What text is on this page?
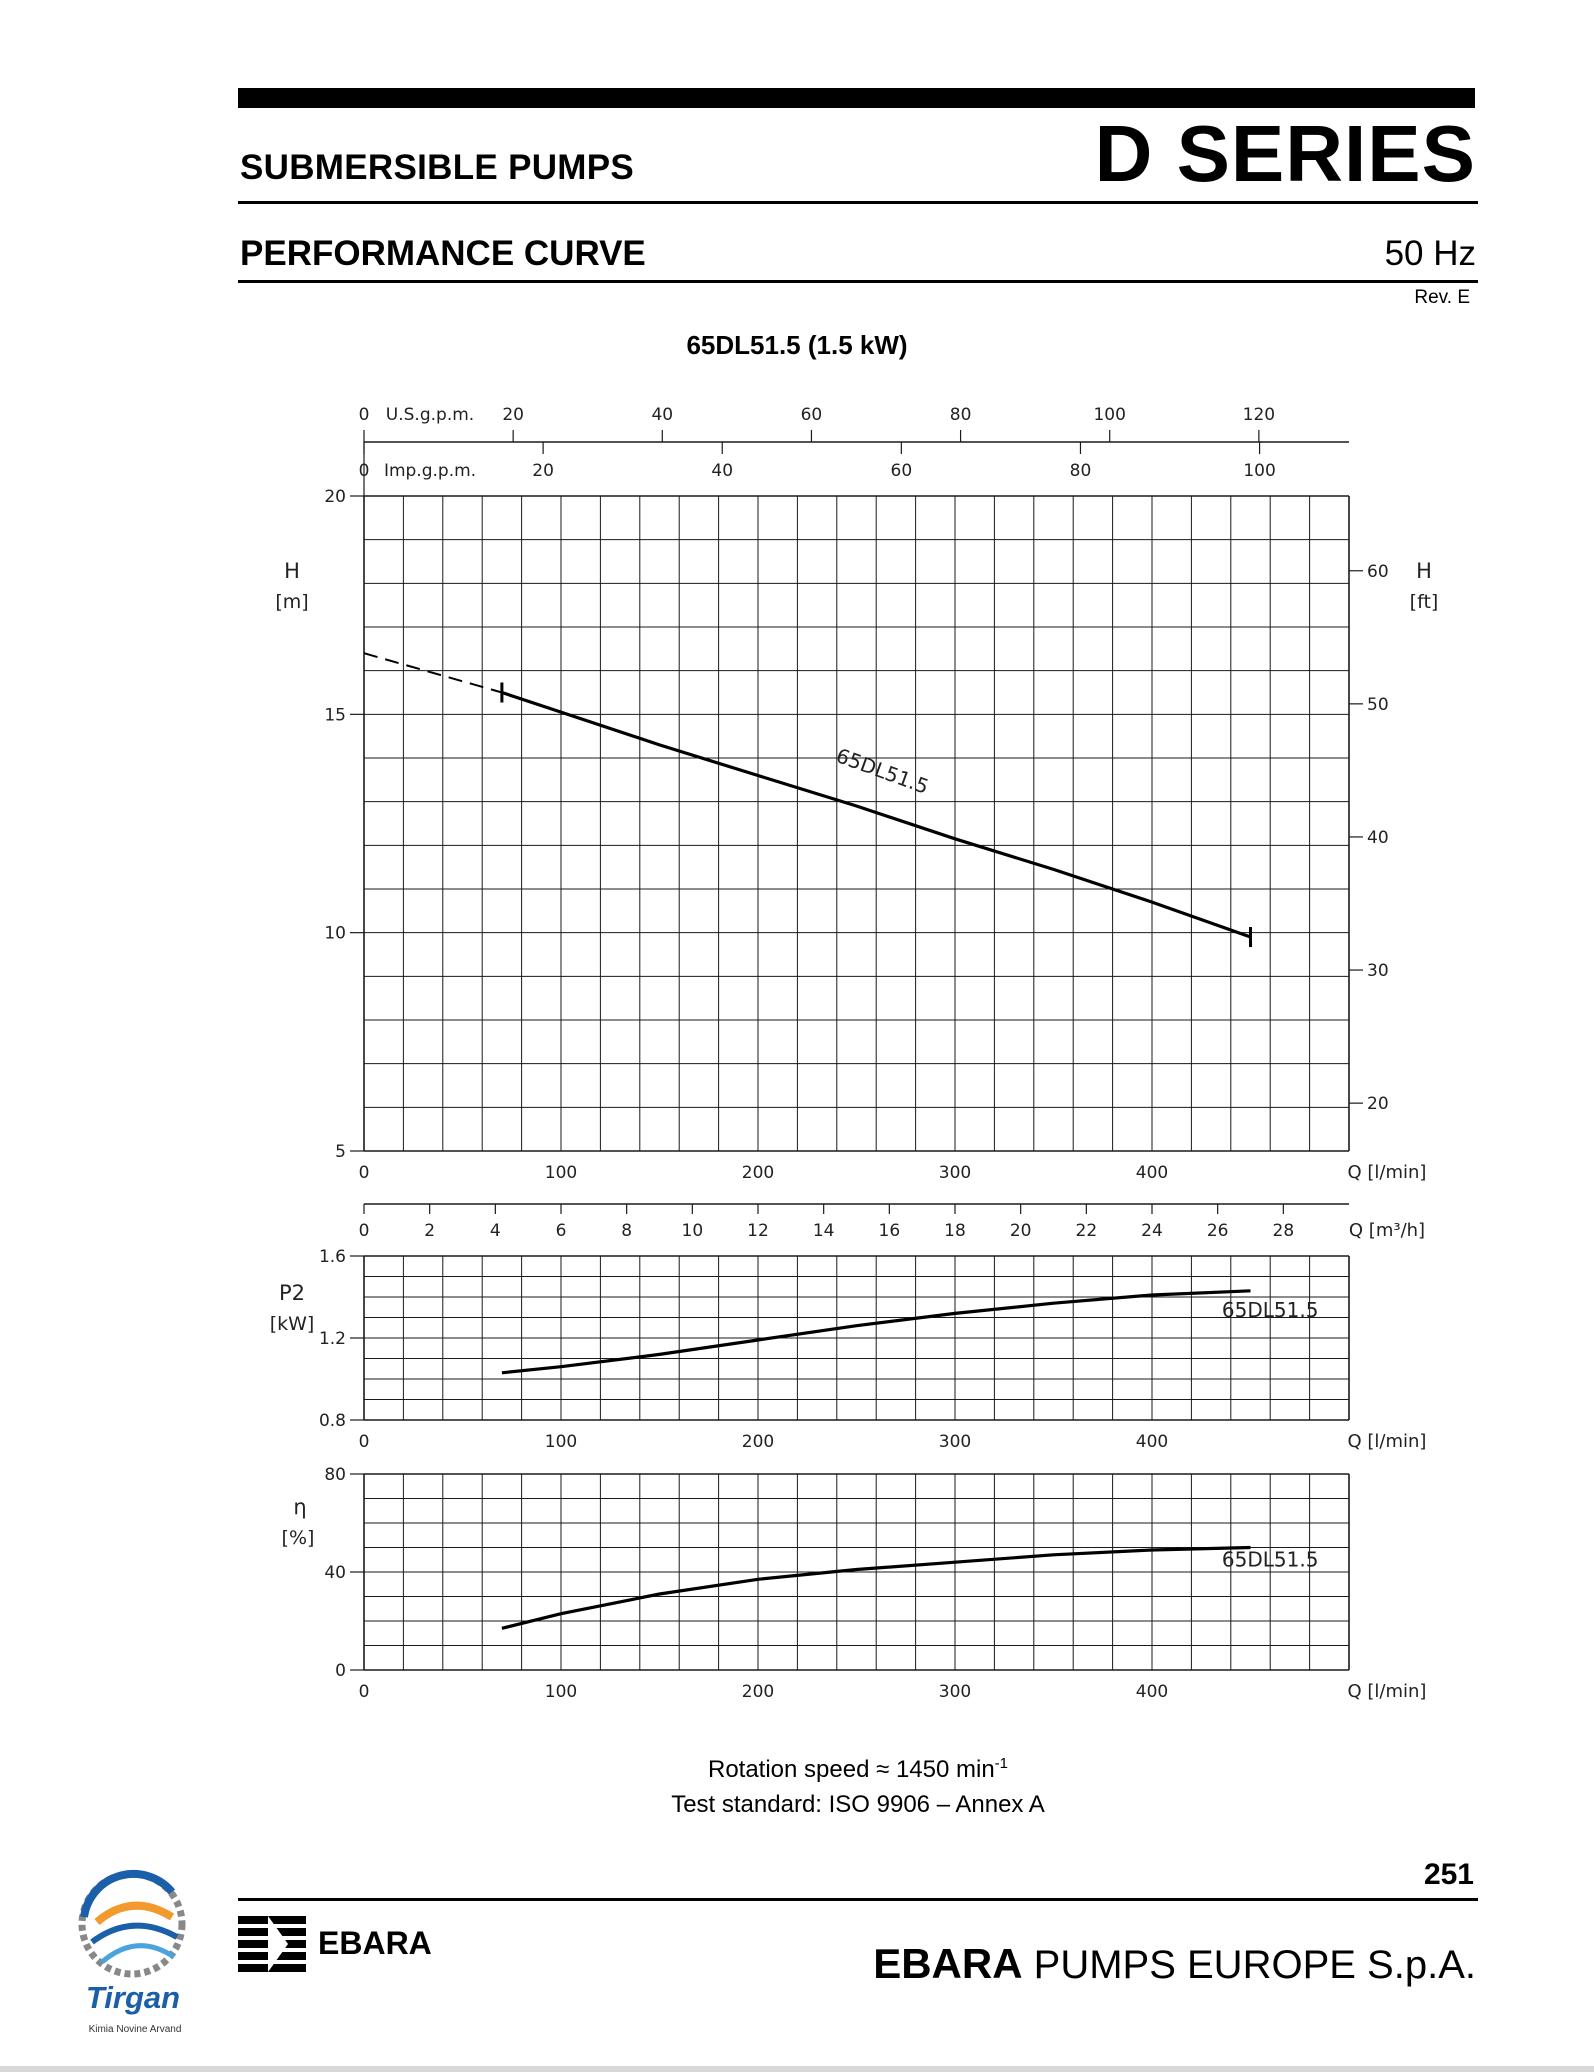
SUBMERSIBLE PUMPS	D SERIES
PERFORMANCE CURVE	50 Hz
Rev. E
65DL51.5 (1.5 kW)
5
10
15
20
0	100	200	300	400	Q [l/min]
65DL51.5
H
[m]
0.8
1.2
1.6
0	100	200	300	400	Q [l/min]
65DL51.5
P2
[kW]
0
40
80
0	100	200	300	400	Q [l/min]
65DL51.5
η
[%]
20
30
40
50
60 H
[ft]
0	20	40	60	80	100	120
U.S.g.p.m.
0	20	40	60	80	100
Imp.g.p.m.
0	2	4	6	8	10	12	14	16	18	20	22	24	26	28	Q [m³/h]
Rotation speed ≈ 1450 $\min^{-1}$
Test standard: ISO 9906 – Annex A
251
EBARA	EBARA PUMPS EUROPE S.p.A.
Tirgan
Kimia Novine Arvand
